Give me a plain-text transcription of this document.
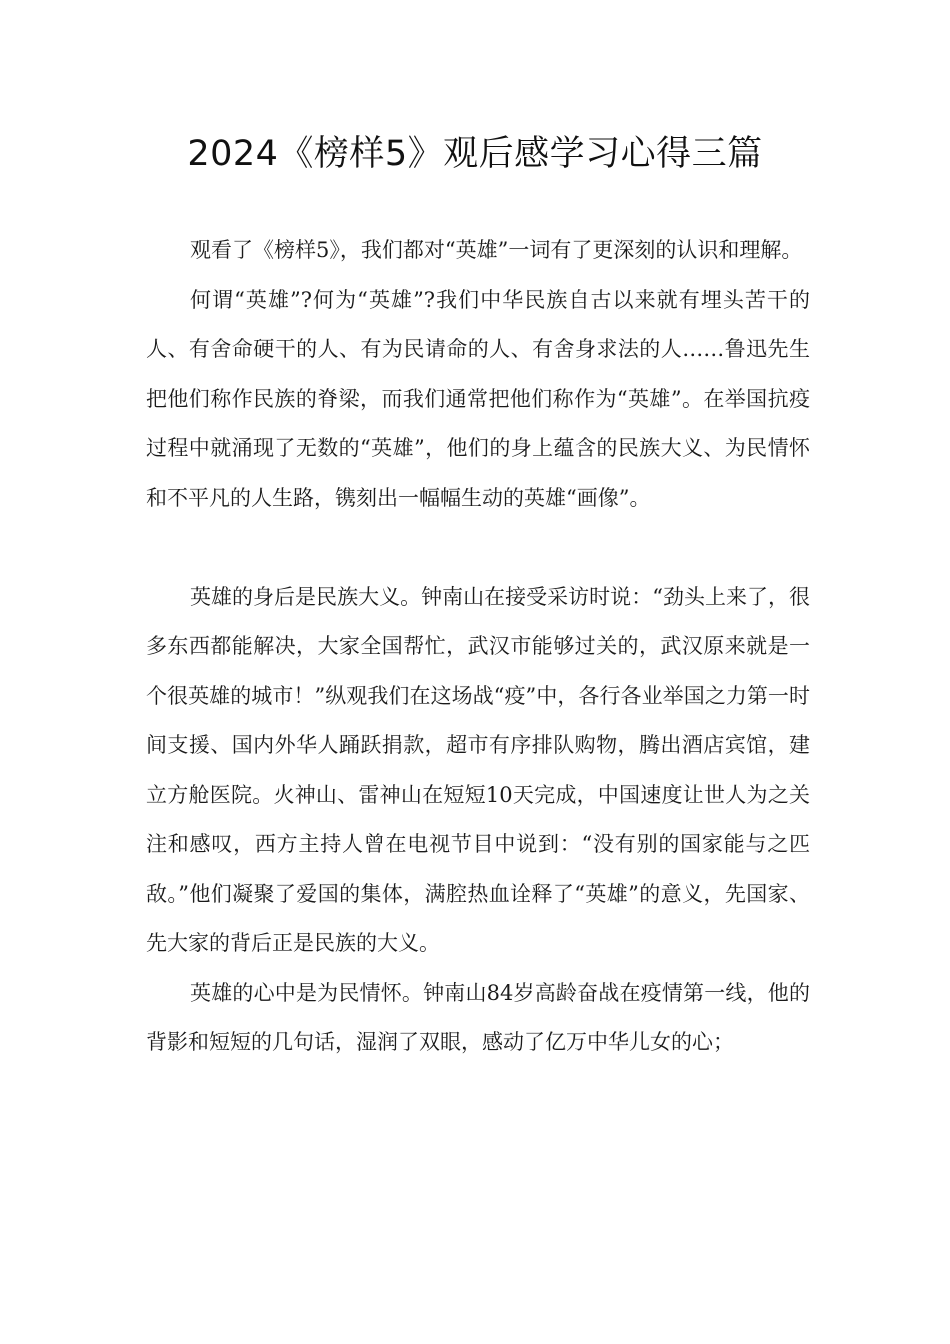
2024《榜样5》观后感学习心得三篇

观看了《榜样5》，我们都对“英雄”一词有了更深刻的认识和理解。

何谓“英雄”?何为“英雄”?我们中华民族自古以来就有埋头苦干的人、有舍命硬干的人、有为民请命的人、有舍身求法的人……鲁迅先生把他们称作民族的脊梁，而我们通常把他们称作为“英雄”。在举国抗疫过程中就涌现了无数的“英雄”，他们的身上蕴含的民族大义、为民情怀和不平凡的人生路，镌刻出一幅幅生动的英雄“画像”。

英雄的身后是民族大义。钟南山在接受采访时说：“劲头上来了，很多东西都能解决，大家全国帮忙，武汉市能够过关的，武汉原来就是一个很英雄的城市！”纵观我们在这场战“疫”中，各行各业举国之力第一时间支援、国内外华人踊跃捐款，超市有序排队购物，腾出酒店宾馆，建立方舱医院。火神山、雷神山在短短10天完成，中国速度让世人为之关注和感叹，西方主持人曾在电视节目中说到：“没有别的国家能与之匹敌。”他们凝聚了爱国的集体，满腔热血诠释了“英雄”的意义，先国家、先大家的背后正是民族的大义。

英雄的心中是为民情怀。钟南山84岁高龄奋战在疫情第一线，他的背影和短短的几句话，湿润了双眼，感动了亿万中华儿女的心；
